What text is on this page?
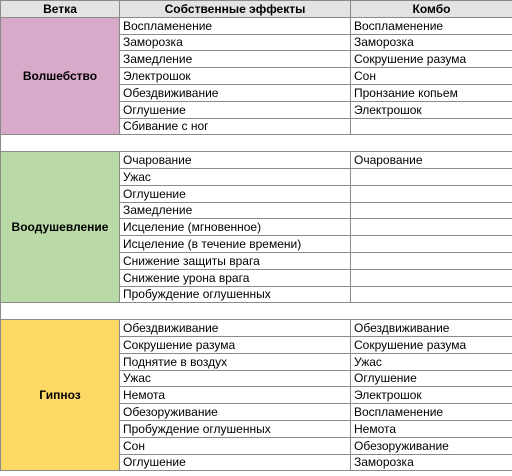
Ветка	Собственные эффекты	Комбо
Волшебство	Воспламенение	Воспламенение
	Заморозка	Заморозка
	Замедление	Сокрушение разума
	Электрошок	Сон
	Обездвиживание	Пронзание копьем
	Оглушение	Электрошок
	Сбивание с ног	

Воодушевление	Очарование	Очарование
	Ужас	
	Оглушение	
	Замедление	
	Исцеление (мгновенное)	
	Исцеление (в течение времени)	
	Снижение защиты врага	
	Снижение урона врага	
	Пробуждение оглушенных	

Гипноз	Обездвиживание	Обездвиживание
	Сокрушение разума	Сокрушение разума
	Поднятие в воздух	Ужас
	Ужас	Оглушение
	Немота	Электрошок
	Обезоруживание	Воспламенение
	Пробуждение оглушенных	Немота
	Сон	Обезоруживание
	Оглушение	Заморозка
